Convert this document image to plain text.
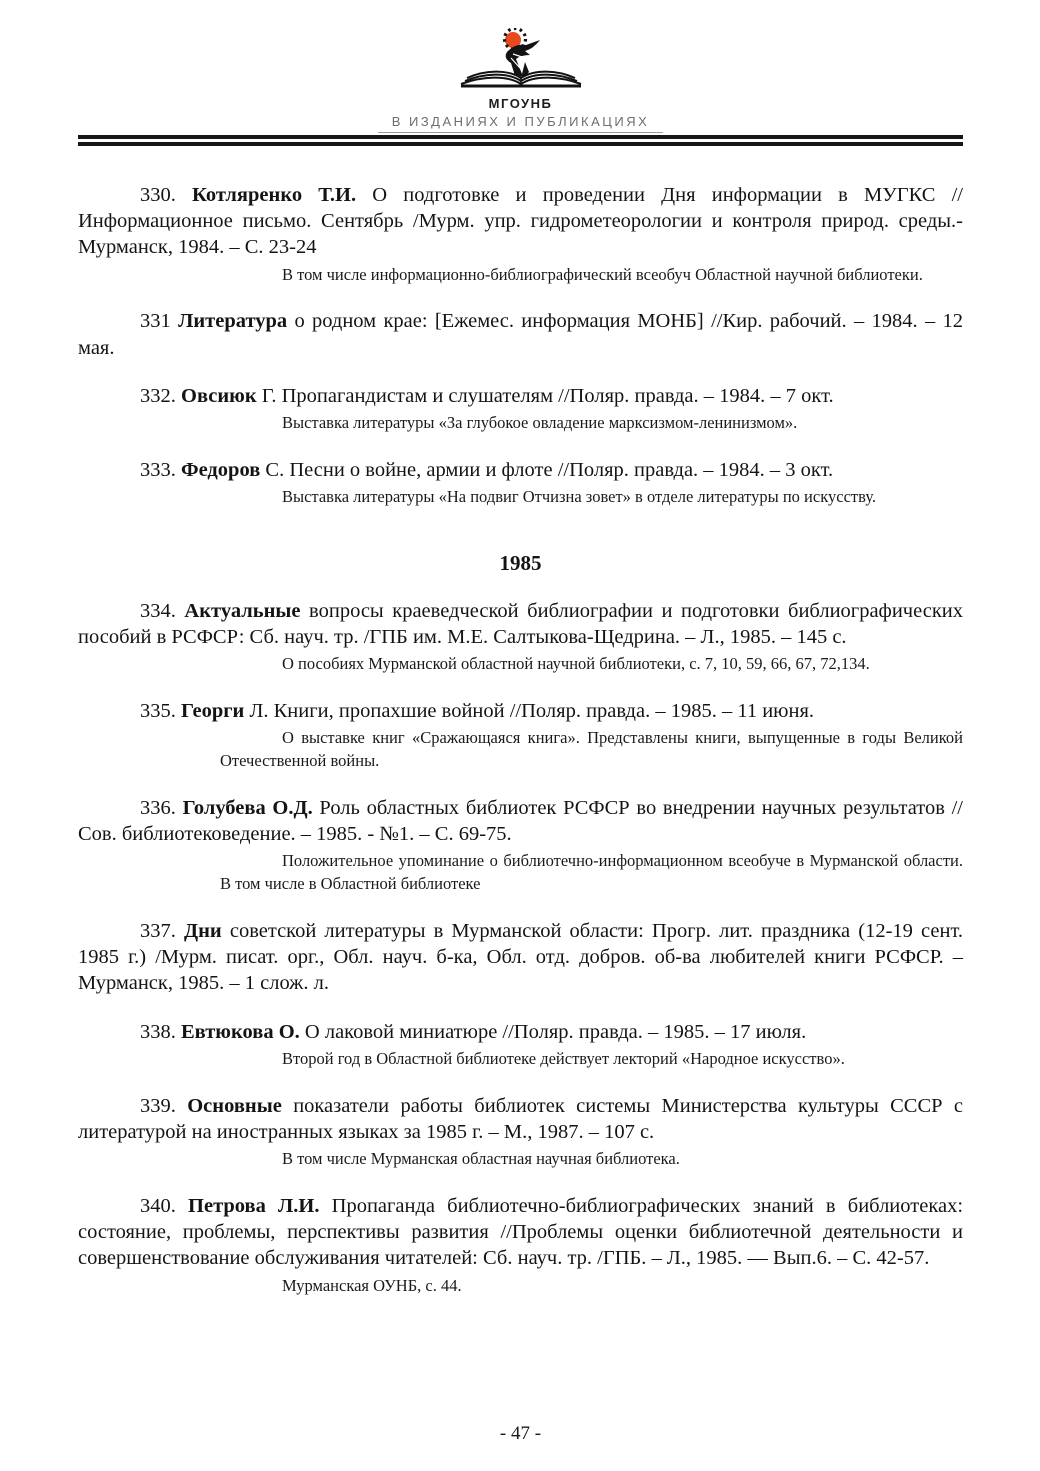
МГОУНБ
В ИЗДАНИЯХ И ПУБЛИКАЦИЯХ

330. Котляренко Т.И. О подготовке и проведении Дня информации в МУГКС //Информационное письмо. Сентябрь /Мурм. упр. гидрометеорологии и контроля природ. среды.- Мурманск, 1984. – С. 23-24

В том числе информационно-библиографический всеобуч Областной научной библиотеки.

331 Литература о родном крае: [Ежемес. информация МОНБ] //Кир. рабочий. – 1984. – 12 мая.

332. Овсиюк Г. Пропагандистам и слушателям //Поляр. правда. – 1984. – 7 окт.

Выставка литературы «За глубокое овладение марксизмом-ленинизмом».

333. Федоров С. Песни о войне, армии и флоте //Поляр. правда. – 1984. – 3 окт.

Выставка литературы «На подвиг Отчизна зовет» в отделе литературы по искусству.

1985

334. Актуальные вопросы краеведческой библиографии и подготовки библиографических пособий в РСФСР: Сб. науч. тр. /ГПБ им. М.Е. Салтыкова-Щедрина. – Л., 1985. – 145 с.

О пособиях Мурманской областной научной библиотеки, с. 7, 10, 59, 66, 67, 72,134.

335. Георги Л. Книги, пропахшие войной //Поляр. правда. – 1985. – 11 июня.

О выставке книг «Сражающаяся книга». Представлены книги, выпущенные в годы Великой Отечественной войны.

336. Голубева О.Д. Роль областных библиотек РСФСР во внедрении научных результатов //Сов. библиотековедение. – 1985. - №1. – С. 69-75.

Положительное упоминание о библиотечно-информационном всеобуче в Мурманской области. В том числе в Областной библиотеке

337. Дни советской литературы в Мурманской области: Прогр. лит. праздника (12-19 сент. 1985 г.) /Мурм. писат. орг., Обл. науч. б-ка, Обл. отд. добров. об-ва любителей книги РСФСР. – Мурманск, 1985. – 1 слож. л.

338. Евтюкова О. О лаковой миниатюре //Поляр. правда. – 1985. – 17 июля.

Второй год в Областной библиотеке действует лекторий «Народное искусство».

339. Основные показатели работы библиотек системы Министерства культуры СССР с литературой на иностранных языках за 1985 г. – М., 1987. – 107 с.

В том числе Мурманская областная научная библиотека.

340. Петрова Л.И. Пропаганда библиотечно-библиографических знаний в библиотеках: состояние, проблемы, перспективы развития //Проблемы оценки библиотечной деятельности и совершенствование обслуживания читателей: Сб. науч. тр. /ГПБ. – Л., 1985. — Вып.6. – С. 42-57.

Мурманская ОУНБ, с. 44.

- 47 -
